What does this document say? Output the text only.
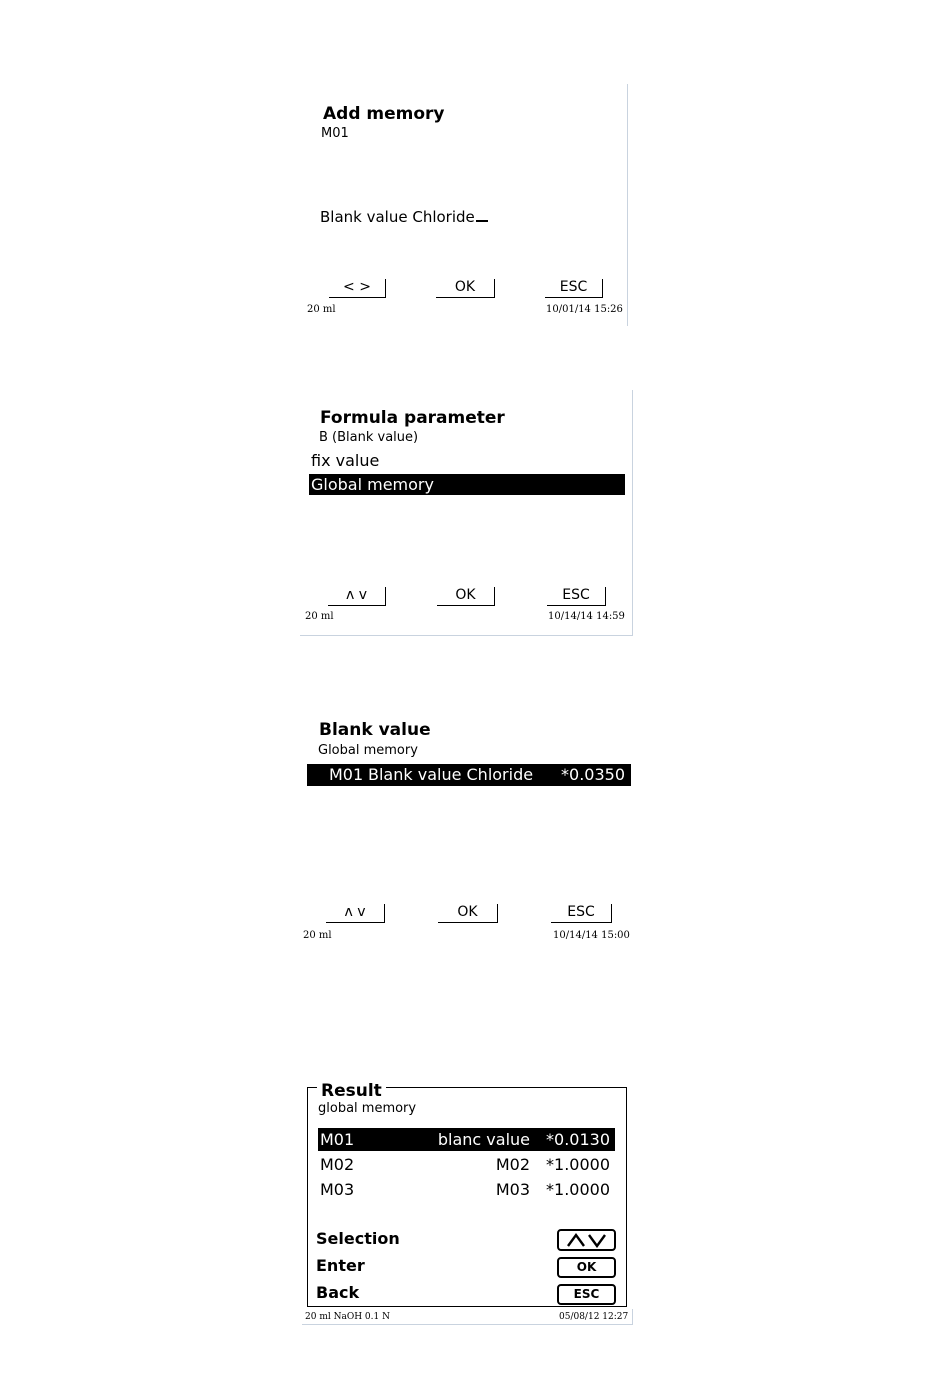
Add memory
M01
Blank value Chloride
< >	OK	ESC
20 ml	10/01/14 15:26
Formula parameter
B (Blank value)
fix value
Global memory
ʌ v	OK	ESC
20 ml	10/14/14 14:59
Blank value
Global memory
M01 Blank value Chloride *0.0350
ʌ v	OK	ESC
20 ml	10/14/14 15:00
Result
global memory
M01	blanc value *0.0130
M02	M02 *1.0000
M03	M03 *1.0000
Selection
Enter	OK
Back	ESC
20 ml NaOH 0.1 N	05/08/12 12:27
